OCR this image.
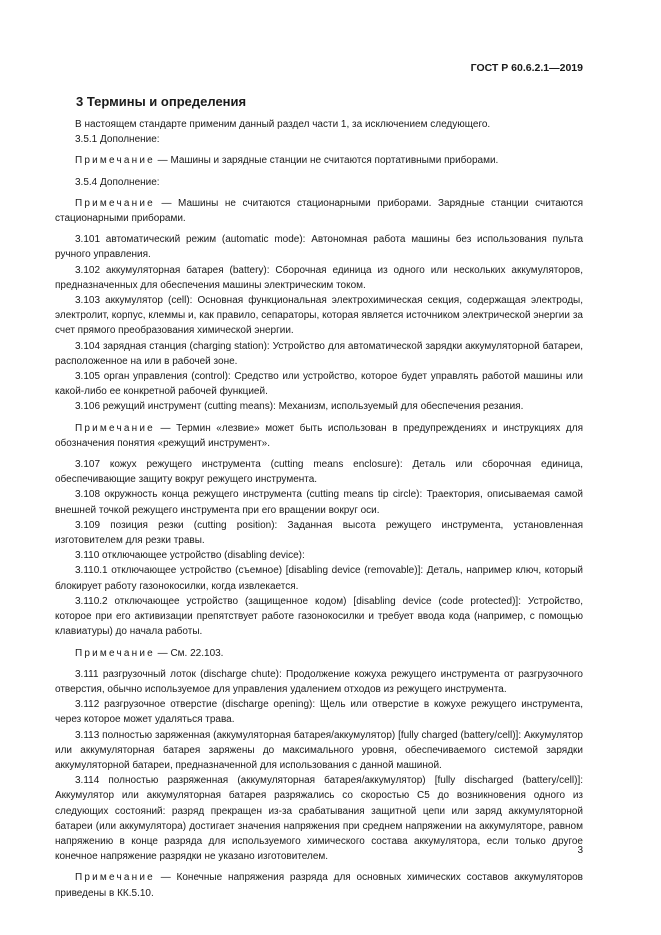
ГОСТ Р 60.6.2.1—2019
3 Термины и определения

В настоящем стандарте применим данный раздел части 1, за исключением следующего.

3.5.1 Дополнение:

Примечание — Машины и зарядные станции не считаются портативными приборами.

3.5.4 Дополнение:

Примечание — Машины не считаются стационарными приборами. Зарядные станции считаются стационарными приборами.

3.101 автоматический режим (automatic mode): Автономная работа машины без использования пульта ручного управления.

3.102 аккумуляторная батарея (battery): Сборочная единица из одного или нескольких аккумуляторов, предназначенных для обеспечения машины электрическим током.

3.103 аккумулятор (cell): Основная функциональная электрохимическая секция, содержащая электроды, электролит, корпус, клеммы и, как правило, сепараторы, которая является источником электрической энергии за счет прямого преобразования химической энергии.

3.104 зарядная станция (charging station): Устройство для автоматической зарядки аккумуляторной батареи, расположенное на или в рабочей зоне.

3.105 орган управления (control): Средство или устройство, которое будет управлять работой машины или какой-либо ее конкретной рабочей функцией.

3.106 режущий инструмент (cutting means): Механизм, используемый для обеспечения резания.

Примечание — Термин «лезвие» может быть использован в предупреждениях и инструкциях для обозначения понятия «режущий инструмент».

3.107 кожух режущего инструмента (cutting means enclosure): Деталь или сборочная единица, обеспечивающие защиту вокруг режущего инструмента.

3.108 окружность конца режущего инструмента (cutting means tip circle): Траектория, описываемая самой внешней точкой режущего инструмента при его вращении вокруг оси.

3.109 позиция резки (cutting position): Заданная высота режущего инструмента, установленная изготовителем для резки травы.

3.110 отключающее устройство (disabling device):

3.110.1 отключающее устройство (съемное) [disabling device (removable)]: Деталь, например ключ, который блокирует работу газонокосилки, когда извлекается.

3.110.2 отключающее устройство (защищенное кодом) [disabling device (code protected)]: Устройство, которое при его активизации препятствует работе газонокосилки и требует ввода кода (например, с помощью клавиатуры) до начала работы.

Примечание — См. 22.103.

3.111 разгрузочный лоток (discharge chute): Продолжение кожуха режущего инструмента от разгрузочного отверстия, обычно используемое для управления удалением отходов из режущего инструмента.

3.112 разгрузочное отверстие (discharge opening): Щель или отверстие в кожухе режущего инструмента, через которое может удаляться трава.

3.113 полностью заряженная (аккумуляторная батарея/аккумулятор) [fully charged (battery/cell)]: Аккумулятор или аккумуляторная батарея заряжены до максимального уровня, обеспечиваемого системой зарядки аккумуляторной батареи, предназначенной для использования с данной машиной.

3.114 полностью разряженная (аккумуляторная батарея/аккумулятор) [fully discharged (battery/cell)]: Аккумулятор или аккумуляторная батарея разряжались со скоростью C5 до возникновения одного из следующих состояний: разряд прекращен из-за срабатывания защитной цепи или заряд аккумуляторной батареи (или аккумулятора) достигает значения напряжения при среднем напряжении на аккумуляторе, равном напряжению в конце разряда для используемого химического состава аккумулятора, если только другое конечное напряжение разрядки не указано изготовителем.

Примечание — Конечные напряжения разряда для основных химических составов аккумуляторов приведены в КК.5.10.

3
